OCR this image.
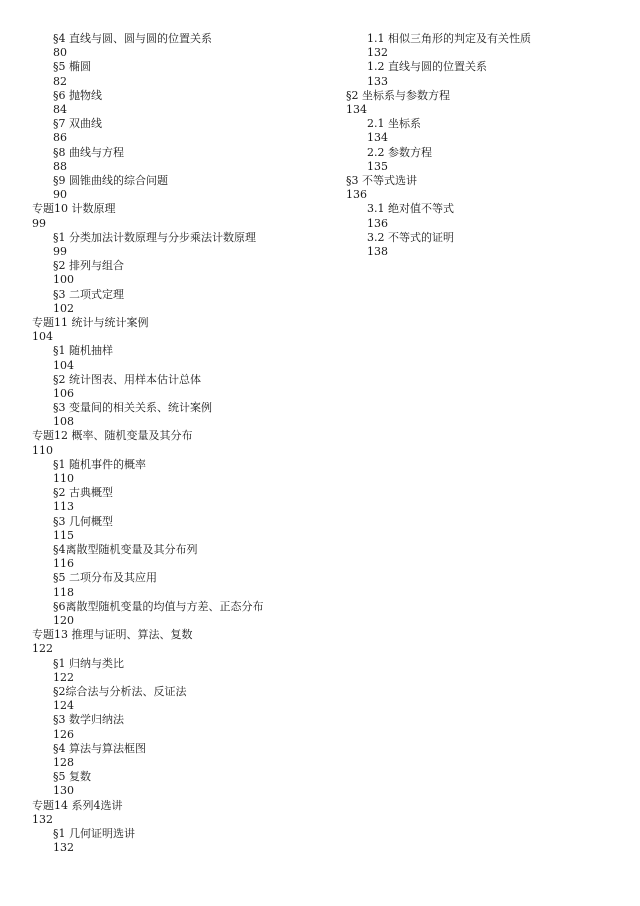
§4 直线与圆、圆与圆的位置关系
80
§5 椭圆
82
§6 抛物线
84
§7 双曲线
86
§8 曲线与方程
88
§9 圆锥曲线的综合问题
90
专题10 计数原理
99
§1 分类加法计数原理与分步乘法计数原理
99
§2 排列与组合
100
§3 二项式定理
102
专题11 统计与统计案例
104
§1 随机抽样
104
§2 统计图表、用样本估计总体
106
§3 变量间的相关关系、统计案例
108
专题12 概率、随机变量及其分布
110
§1 随机事件的概率
110
§2 古典概型
113
§3 几何概型
115
§4离散型随机变量及其分布列
116
§5 二项分布及其应用
118
§6离散型随机变量的均值与方差、正态分布
120
专题13 推理与证明、算法、复数
122
§1 归纳与类比
122
§2综合法与分析法、反证法
124
§3 数学归纳法
126
§4 算法与算法框图
128
§5 复数
130
专题14 系列4选讲
132
§1 几何证明选讲
132
1.1 相似三角形的判定及有关性质
132
1.2 直线与圆的位置关系
133
§2 坐标系与参数方程
134
2.1 坐标系
134
2.2 参数方程
135
§3 不等式选讲
136
3.1 绝对值不等式
136
3.2 不等式的证明
138
